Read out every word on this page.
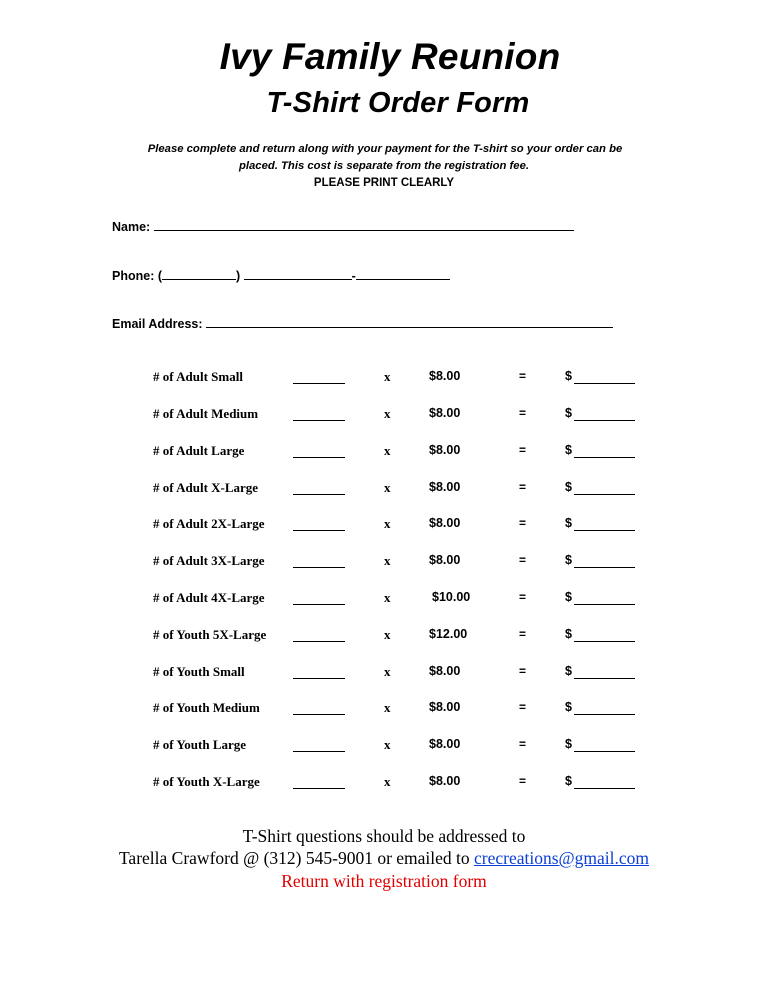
Ivy Family Reunion
T-Shirt Order Form
Please complete and return along with your payment for the T-shirt so your order can be
placed. This cost is separate from the registration fee.
PLEASE PRINT CLEARLY
Name:
Phone: (	)	-
Email Address:
# of Adult Small	x	$8.00	=	$
# of Adult Medium	x	$8.00	=	$
# of Adult Large	x	$8.00	=	$
# of Adult X-Large	x	$8.00	=	$
# of Adult 2X-Large	x	$8.00	=	$
# of Adult 3X-Large	x	$8.00	=	$
# of Adult 4X-Large	x	$10.00	=	$
# of Youth 5X-Large	x	$12.00	=	$
# of Youth Small	x	$8.00	=	$
# of Youth Medium	x	$8.00	=	$
# of Youth Large	x	$8.00	=	$
# of Youth X-Large	x	$8.00	=	$
T-Shirt questions should be addressed to
Tarella Crawford @ (312) 545-9001 or emailed to crecreations@gmail.com
Return with registration form
